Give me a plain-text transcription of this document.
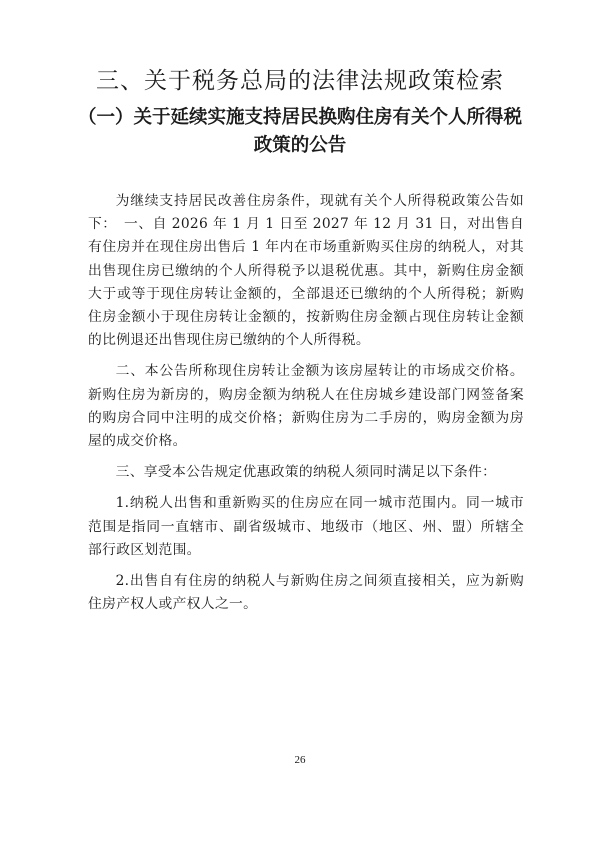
三、关于税务总局的法律法规政策检索
（一）关于延续实施支持居民换购住房有关个人所得税政策的公告

为继续支持居民改善住房条件，现就有关个人所得税政策公告如下：　一、自 2026 年 1 月 1 日至 2027 年 12 月 31 日，对出售自有住房并在现住房出售后 1 年内在市场重新购买住房的纳税人，对其出售现住房已缴纳的个人所得税予以退税优惠。其中，新购住房金额大于或等于现住房转让金额的，全部退还已缴纳的个人所得税；新购住房金额小于现住房转让金额的，按新购住房金额占现住房转让金额的比例退还出售现住房已缴纳的个人所得税。

二、本公告所称现住房转让金额为该房屋转让的市场成交价格。新购住房为新房的，购房金额为纳税人在住房城乡建设部门网签备案的购房合同中注明的成交价格；新购住房为二手房的，购房金额为房屋的成交价格。

三、享受本公告规定优惠政策的纳税人须同时满足以下条件：

1.纳税人出售和重新购买的住房应在同一城市范围内。同一城市范围是指同一直辖市、副省级城市、地级市（地区、州、盟）所辖全部行政区划范围。

2.出售自有住房的纳税人与新购住房之间须直接相关，应为新购住房产权人或产权人之一。

26
